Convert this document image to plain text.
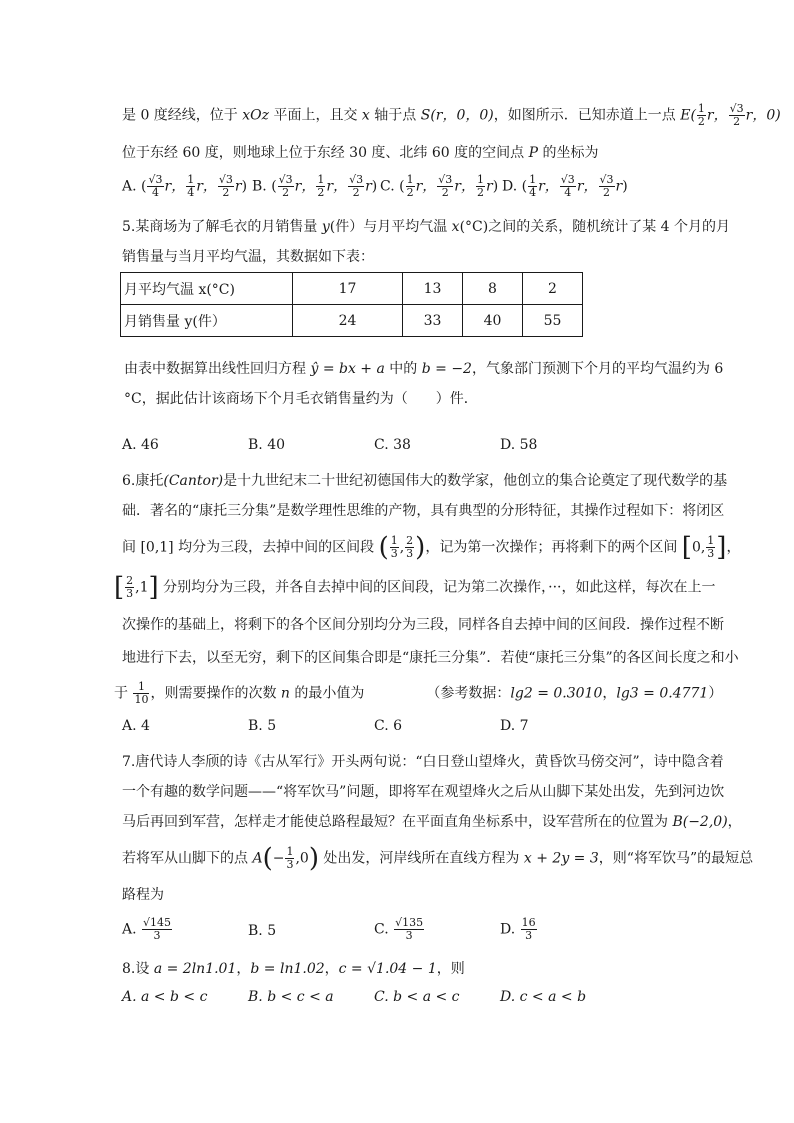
是 0 度经线，位于 xOz 平面上，且交 x 轴于点 S(r，0，0)，如图所示．已知赤道上一点 $E( \frac{1}{2}$ r， $\frac{√3}{2}$ r，0)
位于东经 60 度，则地球上位于东经 30 度、北纬 60 度的空间点 P 的坐标为
A. ( $\frac{√3}{4}$ r， $\frac{1}{4}$ r， $\frac{√3}{2} r$) B. ( $\frac{√3}{2}$ r， $\frac{1}{2}$ r， $\frac{√3}{2} r$) C. ( $\frac{1}{2}$ r， $\frac{√3}{2}$ r， $\frac{1}{2} r$) D. ( $\frac{1}{4}$ r， $\frac{√3}{4}$ r， $\frac{√3}{2} r$)
5.某商场为了解毛衣的月销售量 y(件）与月平均气温 x(°C)之间的关系，随机统计了某 4 个月的月
销售量与当月平均气温，其数据如下表：
月平均气温 x(°C)	17	13	8	2
月销售量 y(件）	24	33	40	55
由表中数据算出线性回归方程 ŷ = bx + a 中的 b = −2，气象部门预测下个月的平均气温约为 6
°C，据此估计该商场下个月毛衣销售量约为（　　）件．
A. 46	B. 40	C. 38	D. 58
6.康托(Cantor)是十九世纪末二十世纪初德国伟大的数学家，他创立的集合论奠定了现代数学的基
础．著名的“康托三分集”是数学理性思维的产物，具有典型的分形特征，其操作过程如下：将闭区
间 [0,1] 均分为三段，去掉中间的区间段 ( $\frac{1}{3}$ , $\frac{2}{3}$ )，记为第一次操作；再将剩下的两个区间 [0, $\frac{1}{3}$ ]，
[ $\frac{2}{3} ,1$] 分别均分为三段，并各自去掉中间的区间段，记为第二次操作，···，如此这样，每次在上一
次操作的基础上，将剩下的各个区间分别均分为三段，同样各自去掉中间的区间段．操作过程不断
地进行下去，以至无穷，剩下的区间集合即是“康托三分集”．若使“康托三分集”的各区间长度之和小
于 $\frac{1}{10}$ ，则需要操作的次数 n 的最小值为	（参考数据：lg2 = 0.3010，lg3 = 0.4771）
A. 4	B. 5	C. 6	D. 7
7.唐代诗人李颀的诗《古从军行》开头两句说：“白日登山望烽火，黄昏饮马傍交河”，诗中隐含着
一个有趣的数学问题——“将军饮马”问题，即将军在观望烽火之后从山脚下某处出发，先到河边饮
马后再回到军营，怎样走才能使总路程最短？在平面直角坐标系中，设军营所在的位置为 B(−2,0)，
若将军从山脚下的点 $A(- \frac{1}{3} ,0)$ 处出发，河岸线所在直线方程为 x + 2y = 3，则“将军饮马”的最短总
路程为
A. $\frac{√145}{3}$	B. 5	C. $\frac{√135}{3}$	D. $\frac{16}{3}$
8.设 a = 2ln1.01，b = ln1.02，c = √1.04 − 1，则
A. a < b < c	B. b < c < a	C. b < a < c	D. c < a < b
